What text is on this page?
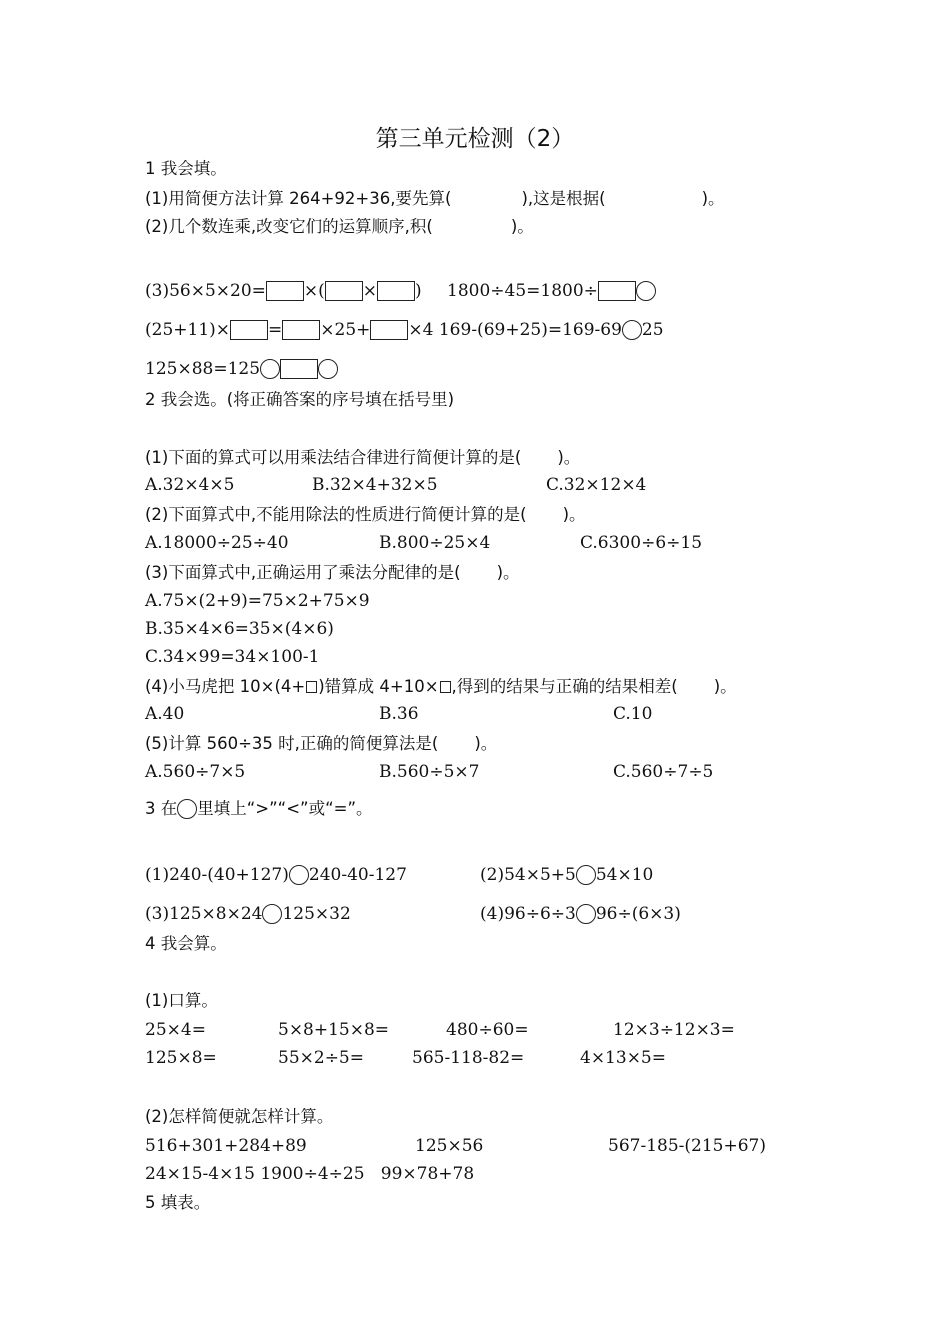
第三单元检测（2）
1 我会填。
(1)用简便方法计算 264+92+36,要先算(	),这是根据(	)。
(2)几个数连乘,改变它们的运算顺序,积(	)。
(3)56×5×20= ×( × ) 1800÷45=1800÷
(25+11)× = ×25+ ×4 169-(69+25)=169-69 25
125×88=125
2 我会选。(将正确答案的序号填在括号里)
(1)下面的算式可以用乘法结合律进行简便计算的是( )。
A.32×4×5	B.32×4+32×5	C.32×12×4
(2)下面算式中,不能用除法的性质进行简便计算的是( )。
A.18000÷25÷40	B.800÷25×4	C.6300÷6÷15
(3)下面算式中,正确运用了乘法分配律的是( )。
A.75×(2+9)=75×2+75×9
B.35×4×6=35×(4×6)
C.34×99=34×100-1
(4)小马虎把 10×(4+ )错算成 4+10× ,得到的结果与正确的结果相差( )。
A.40	B.36	C.10
(5)计算 560÷35 时,正确的简便算法是( )。
A.560÷7×5	B.560÷5×7	C.560÷7÷5
3 在 里填上“>”“<”或“=”。
(1)240-(40+127) 240-40-127	(2)54×5+5 54×10
(3)125×8×24 125×32	(4)96÷6÷3 96÷(6×3)
4 我会算。
(1)口算。
25×4=	5×8+15×8=	480÷60=	12×3÷12×3=
125×8=	55×2÷5=	565-118-82=	4×13×5=
(2)怎样简便就怎样计算。
516+301+284+89	125×56	567-185-(215+67)
24×15-4×15 1900÷4÷25   99×78+78
5 填表。
